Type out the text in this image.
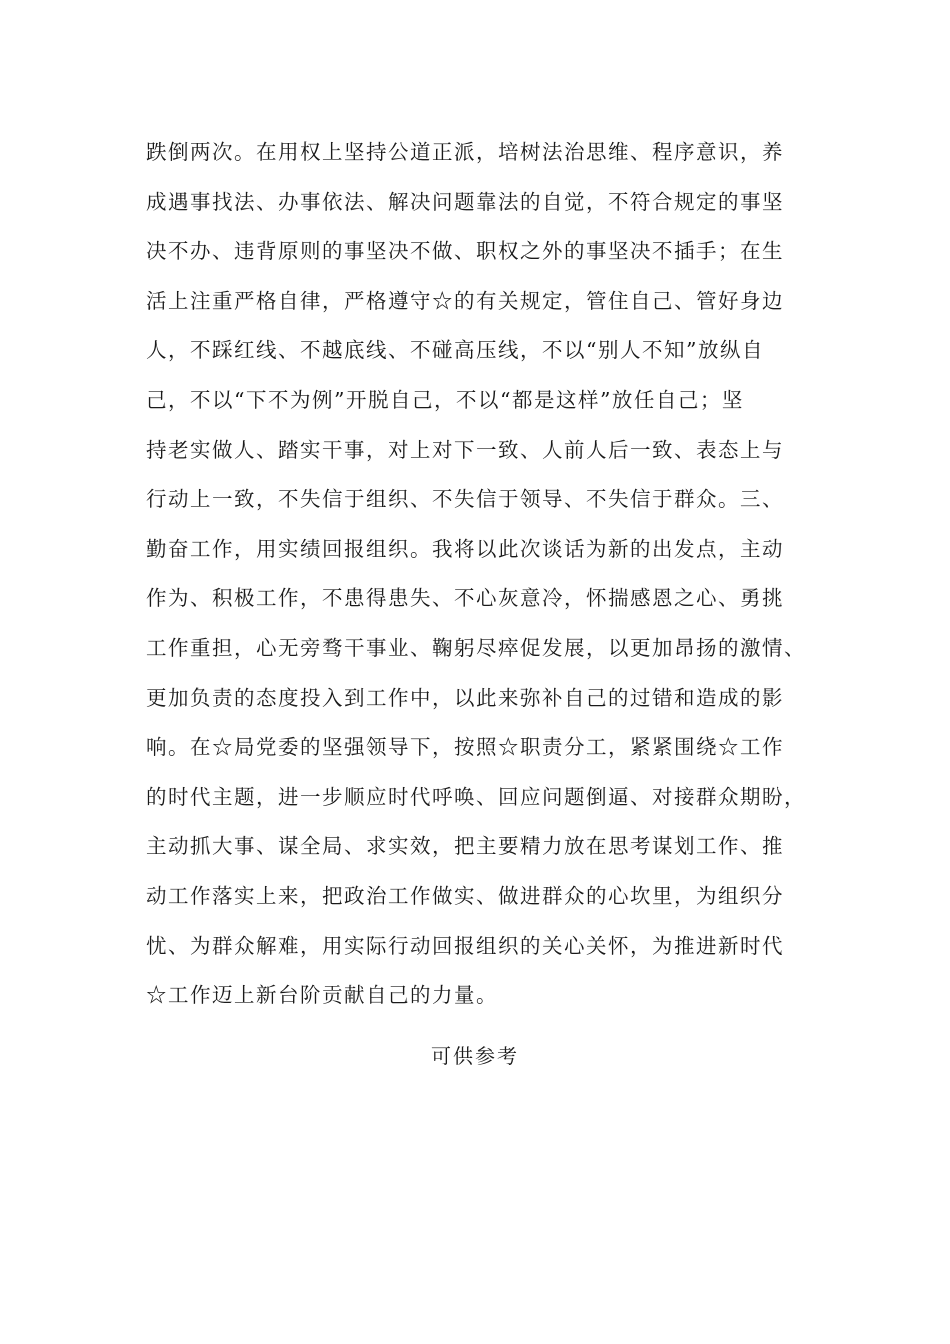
跌倒两次。在用权上坚持公道正派，培树法治思维、程序意识，养

成遇事找法、办事依法、解决问题靠法的自觉，不符合规定的事坚

决不办、违背原则的事坚决不做、职权之外的事坚决不插手；在生

活上注重严格自律，严格遵守☆的有关规定，管住自己、管好身边

人，不踩红线、不越底线、不碰高压线，不以“别人不知”放纵自

己，不以“下不为例”开脱自己，不以“都是这样”放任自己；坚

持老实做人、踏实干事，对上对下一致、人前人后一致、表态上与

行动上一致，不失信于组织、不失信于领导、不失信于群众。三、

勤奋工作，用实绩回报组织。我将以此次谈话为新的出发点，主动

作为、积极工作，不患得患失、不心灰意冷，怀揣感恩之心、勇挑

工作重担，心无旁骛干事业、鞠躬尽瘁促发展，以更加昂扬的激情、

更加负责的态度投入到工作中，以此来弥补自己的过错和造成的影

响。在☆局党委的坚强领导下，按照☆职责分工，紧紧围绕☆工作

的时代主题，进一步顺应时代呼唤、回应问题倒逼、对接群众期盼，

主动抓大事、谋全局、求实效，把主要精力放在思考谋划工作、推

动工作落实上来，把政治工作做实、做进群众的心坎里，为组织分

忧、为群众解难，用实际行动回报组织的关心关怀，为推进新时代

☆工作迈上新台阶贡献自己的力量。

可供参考
